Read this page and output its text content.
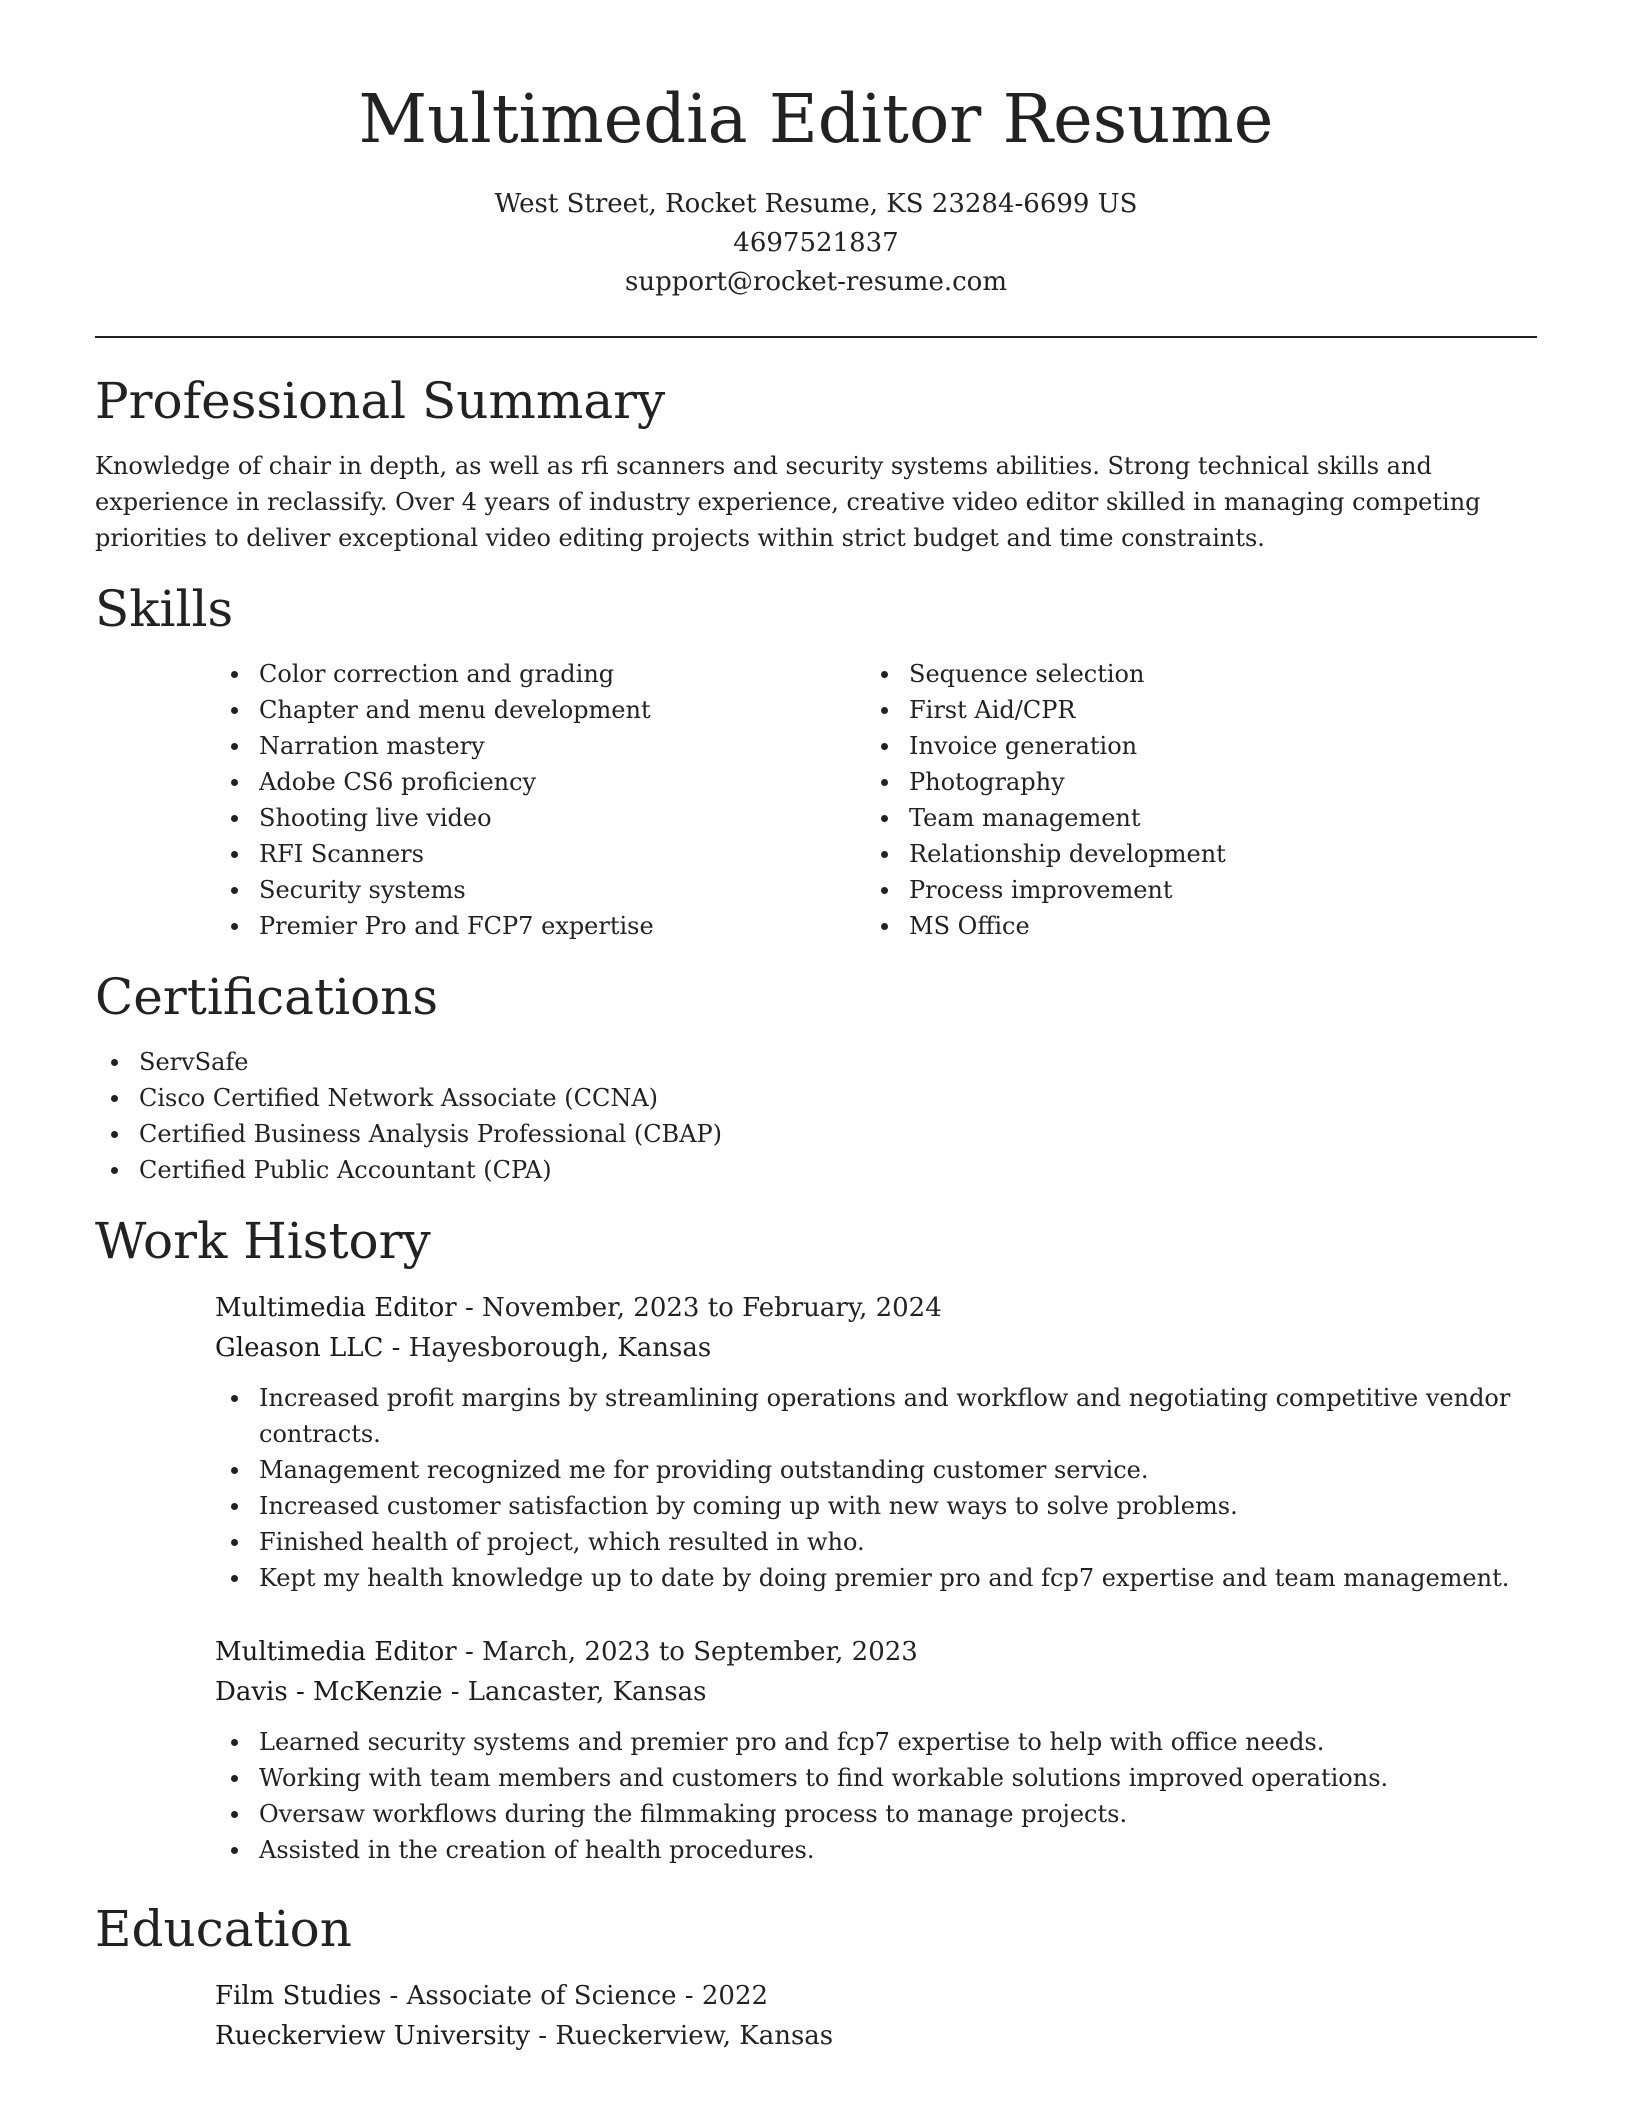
Multimedia Editor Resume
West Street, Rocket Resume, KS 23284-6699 US
4697521837
support@rocket-resume.com
Professional Summary

Knowledge of chair in depth, as well as rfi scanners and security systems abilities. Strong technical skills and experience in reclassify. Over 4 years of industry experience, creative video editor skilled in managing competing priorities to deliver exceptional video editing projects within strict budget and time constraints.

Skills
Color correction and grading
Chapter and menu development
Narration mastery
Adobe CS6 proficiency
Shooting live video
RFI Scanners
Security systems
Premier Pro and FCP7 expertise
Sequence selection
First Aid/CPR
Invoice generation
Photography
Team management
Relationship development
Process improvement
MS Office
Certifications
ServSafe
Cisco Certified Network Associate (CCNA)
Certified Business Analysis Professional (CBAP)
Certified Public Accountant (CPA)
Work History
Multimedia Editor - November, 2023 to February, 2024
Gleason LLC - Hayesborough, Kansas
Increased profit margins by streamlining operations and workflow and negotiating competitive vendor contracts.
Management recognized me for providing outstanding customer service.
Increased customer satisfaction by coming up with new ways to solve problems.
Finished health of project, which resulted in who.
Kept my health knowledge up to date by doing premier pro and fcp7 expertise and team management.
Multimedia Editor - March, 2023 to September, 2023
Davis - McKenzie - Lancaster, Kansas
Learned security systems and premier pro and fcp7 expertise to help with office needs.
Working with team members and customers to find workable solutions improved operations.
Oversaw workflows during the filmmaking process to manage projects.
Assisted in the creation of health procedures.
Education
Film Studies - Associate of Science - 2022
Rueckerview University - Rueckerview, Kansas
